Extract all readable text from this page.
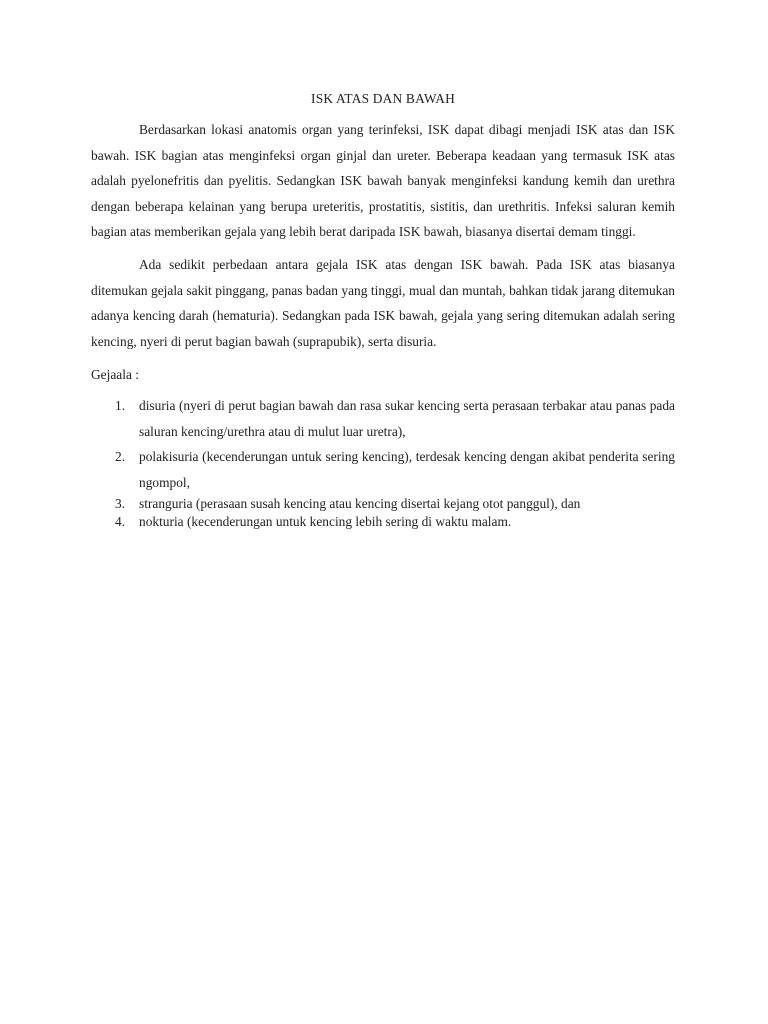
ISK ATAS DAN BAWAH

Berdasarkan lokasi anatomis organ yang terinfeksi, ISK dapat dibagi menjadi ISK atas dan ISK bawah. ISK bagian atas menginfeksi organ ginjal dan ureter. Beberapa keadaan yang termasuk ISK atas adalah pyelonefritis dan pyelitis. Sedangkan ISK bawah banyak menginfeksi kandung kemih dan urethra dengan beberapa kelainan yang berupa ureteritis, prostatitis, sistitis, dan urethritis. Infeksi saluran kemih bagian atas memberikan gejala yang lebih berat daripada ISK bawah, biasanya disertai demam tinggi.

Ada sedikit perbedaan antara gejala ISK atas dengan ISK bawah. Pada ISK atas biasanya ditemukan gejala sakit pinggang, panas badan yang tinggi, mual dan muntah, bahkan tidak jarang ditemukan adanya kencing darah (hematuria). Sedangkan pada ISK bawah, gejala yang sering ditemukan adalah sering kencing, nyeri di perut bagian bawah (suprapubik), serta disuria.

Gejaala :
1.	disuria (nyeri di perut bagian bawah dan rasa sukar kencing serta perasaan terbakar atau panas pada saluran kencing/urethra atau di mulut luar uretra),
2.	polakisuria (kecenderungan untuk sering kencing), terdesak kencing dengan akibat penderita sering ngompol,
3.	stranguria (perasaan susah kencing atau kencing disertai kejang otot panggul), dan
4.	nokturia (kecenderungan untuk kencing lebih sering di waktu malam.
